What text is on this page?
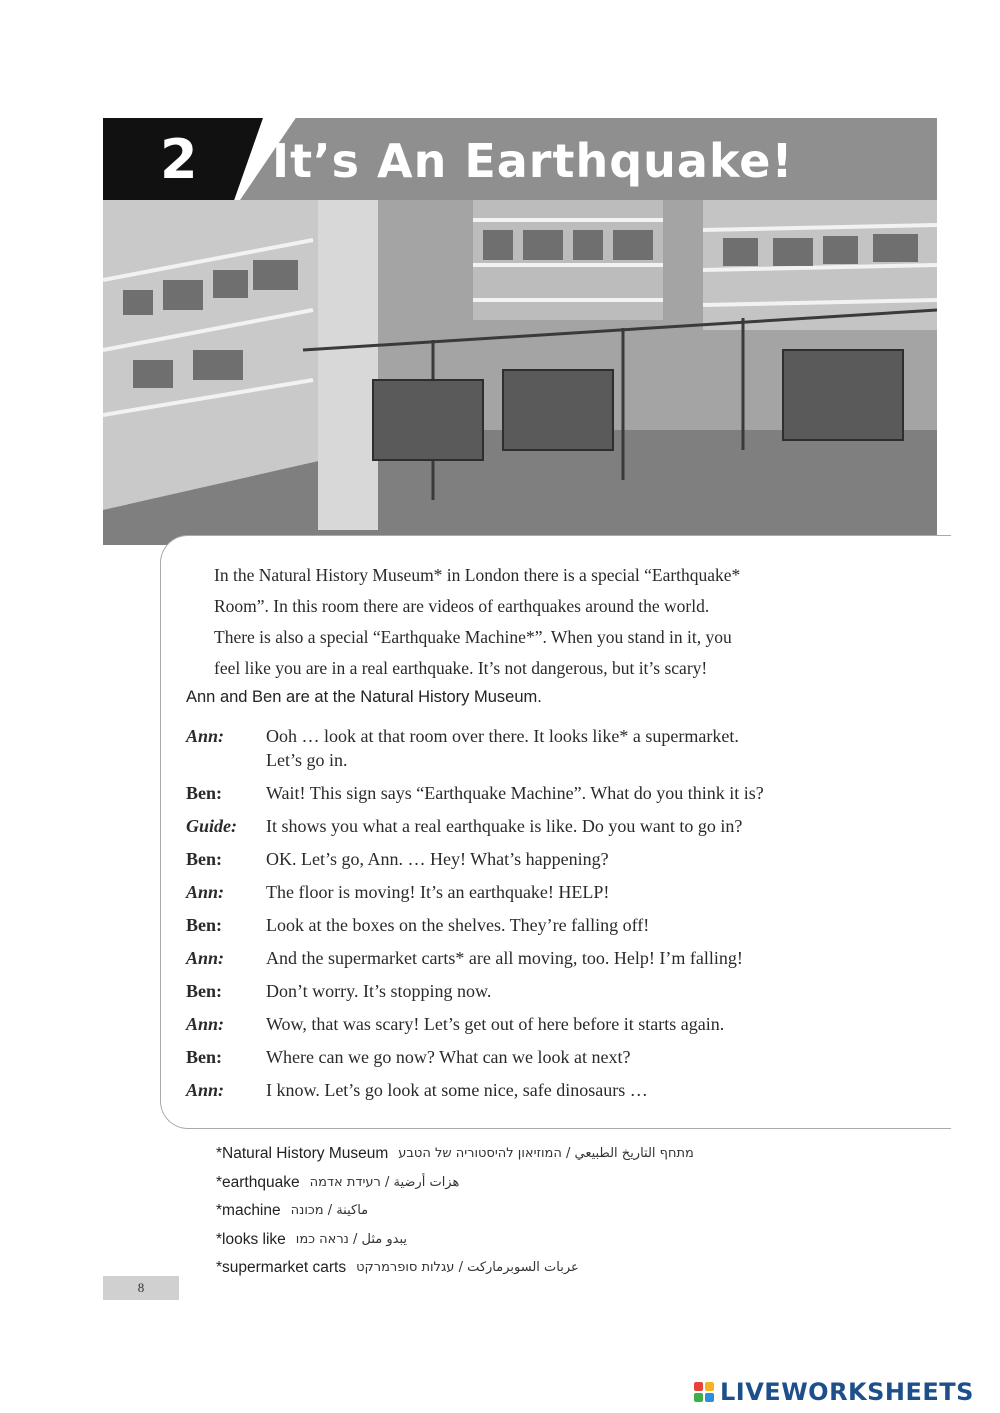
2 It’s An Earthquake!

In the Natural History Museum* in London there is a special “Earthquake*

Room”. In this room there are videos of earthquakes around the world.

There is also a special “Earthquake Machine*”. When you stand in it, you

feel like you are in a real earthquake. It’s not dangerous, but it’s scary!

Ann and Ben are at the Natural History Museum.
Ann:	Ooh … look at that room over there. It looks like* a supermarket.
Let’s go in.
Ben:	Wait! This sign says “Earthquake Machine”. What do you think it is?
Guide:	It shows you what a real earthquake is like. Do you want to go in?
Ben:	OK. Let’s go, Ann. … Hey! What’s happening?
Ann:	The floor is moving! It’s an earthquake! HELP!
Ben:	Look at the boxes on the shelves. They’re falling off!
Ann:	And the supermarket carts* are all moving, too. Help! I’m falling!
Ben:	Don’t worry. It’s stopping now.
Ann:	Wow, that was scary! Let’s get out of here before it starts again.
Ben:	Where can we go now? What can we look at next?
Ann:	I know. Let’s go look at some nice, safe dinosaurs …
*Natural History Museum מתחף التاريخ الطبيعي / המוזיאון להיסטוריה של הטבע
*earthquake هزات أرضية / רעידת אדמה
*machine ماكينة / מכונה
*looks like يبدو مثل / נראה כמו
*supermarket carts عربات السوبرماركت / עגלות סופרמרקט
8
LIVEWORKSHEETS
